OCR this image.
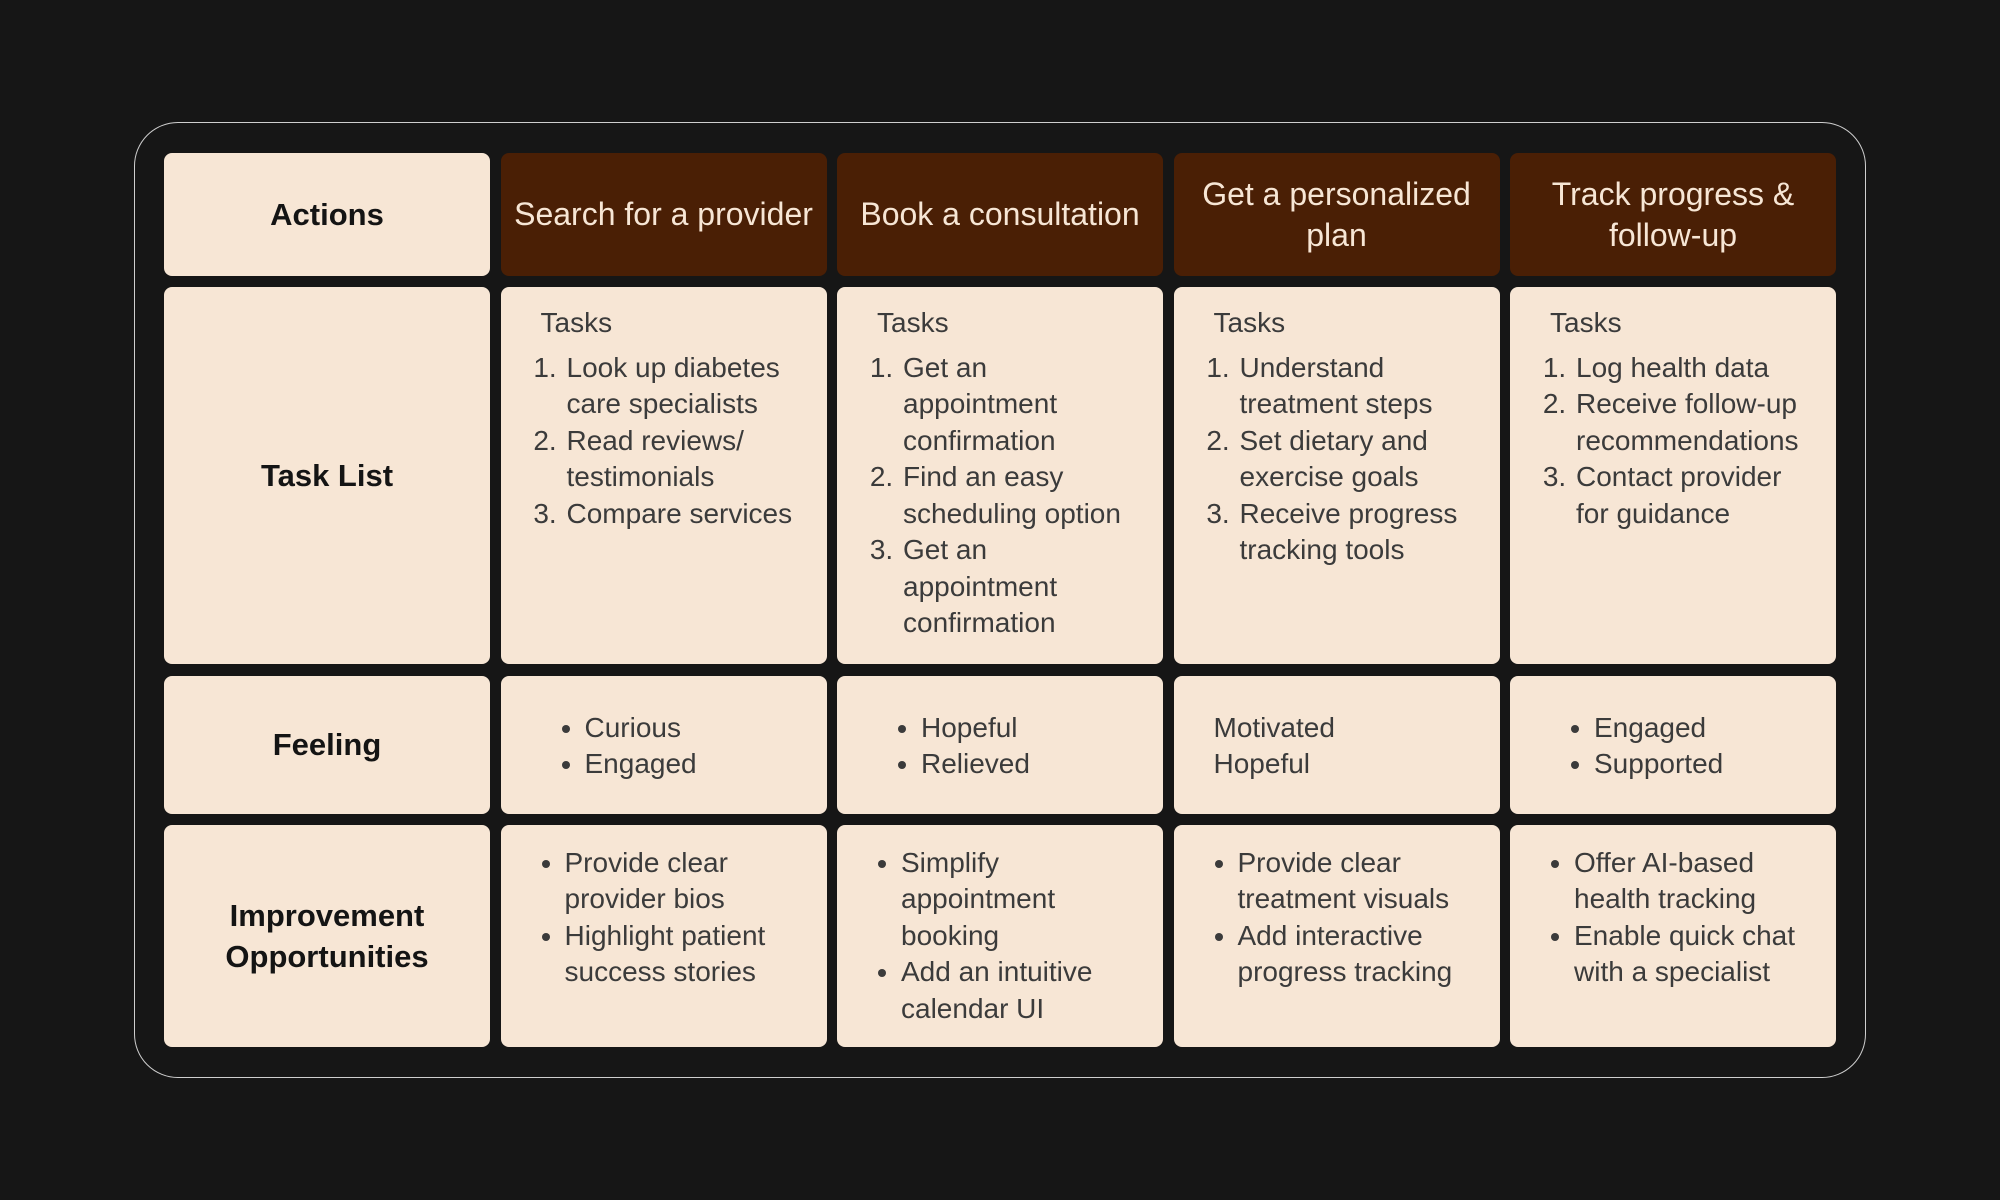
Actions	Search for a provider	Book a consultation
Get a personalized plan
Track progress & follow-up
Task List
Tasks
1. Look up diabetes care specialists
2. Read reviews/ testimonials
3. Compare services
Tasks
1. Get an appointment confirmation
2. Find an easy scheduling option
3. Get an appointment confirmation
Tasks
1. Understand treatment steps
2. Set dietary and exercise goals
3. Receive progress tracking tools
Tasks
1. Log health data
2. Receive follow-up recommendations
3. Contact provider for guidance
Feeling
•	Curious
• Engaged
• Hopeful
• Relieved
Motivated
Hopeful
• Engaged
• Supported
Improvement Opportunities
• Provide clear provider bios
• Highlight patient success stories
• Simplify appointment booking
• Add an intuitive calendar UI
• Provide clear treatment visuals
• Add interactive progress tracking
• Offer AI-based health tracking
• Enable quick chat with a specialist
